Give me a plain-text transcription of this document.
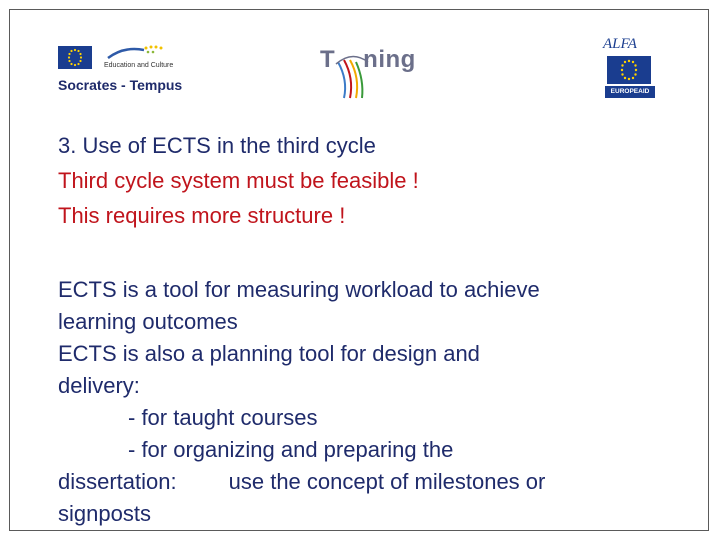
Education and Culture
Socrates - Tempus
T ning
ALFA
EUROPEAID
3. Use of ECTS in the third cycle
Third cycle system must be feasible !
This requires more structure !
ECTS is a tool for measuring workload to achieve
learning outcomes
ECTS is also a planning tool for design and
delivery:
- for taught courses
- for organizing and preparing the
dissertation: use the concept of milestones or
signposts
